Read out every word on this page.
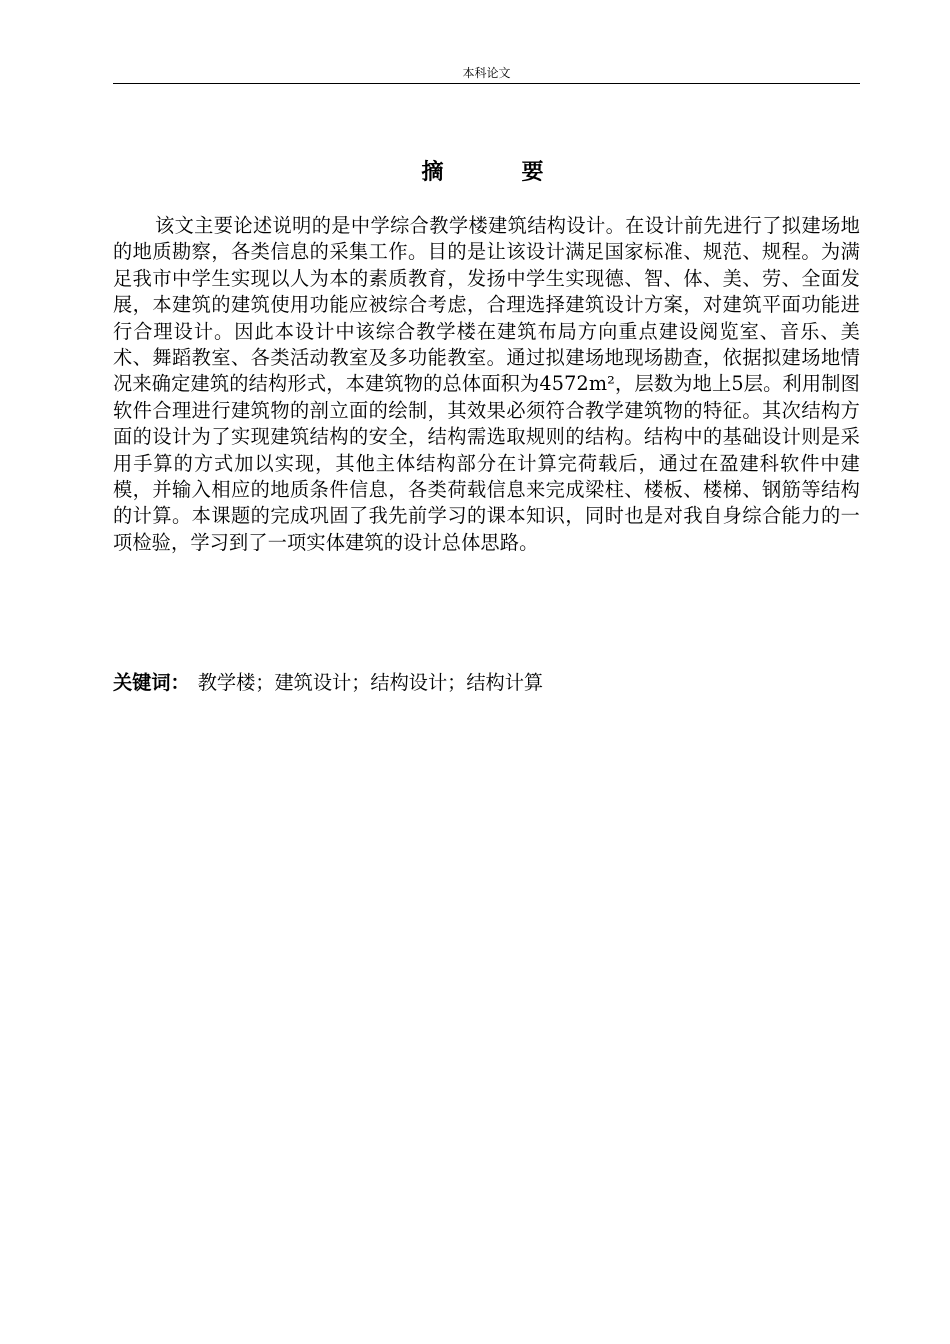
本科论文
摘　要

该文主要论述说明的是中学综合教学楼建筑结构设计。在设计前先进行了拟建场地的地质勘察，各类信息的采集工作。目的是让该设计满足国家标准、规范、规程。为满足我市中学生实现以人为本的素质教育，发扬中学生实现德、智、体、美、劳、全面发展，本建筑的建筑使用功能应被综合考虑，合理选择建筑设计方案，对建筑平面功能进行合理设计。因此本设计中该综合教学楼在建筑布局方向重点建设阅览室、音乐、美术、舞蹈教室、各类活动教室及多功能教室。通过拟建场地现场勘查，依据拟建场地情况来确定建筑的结构形式，本建筑物的总体面积为4572m²，层数为地上5层。利用制图软件合理进行建筑物的剖立面的绘制，其效果必须符合教学建筑物的特征。其次结构方面的设计为了实现建筑结构的安全，结构需选取规则的结构。结构中的基础设计则是采用手算的方式加以实现，其他主体结构部分在计算完荷载后，通过在盈建科软件中建模，并输入相应的地质条件信息，各类荷载信息来完成梁柱、楼板、楼梯、钢筋等结构的计算。本课题的完成巩固了我先前学习的课本知识，同时也是对我自身综合能力的一项检验，学习到了一项实体建筑的设计总体思路。

关键词： 教学楼；建筑设计；结构设计；结构计算
